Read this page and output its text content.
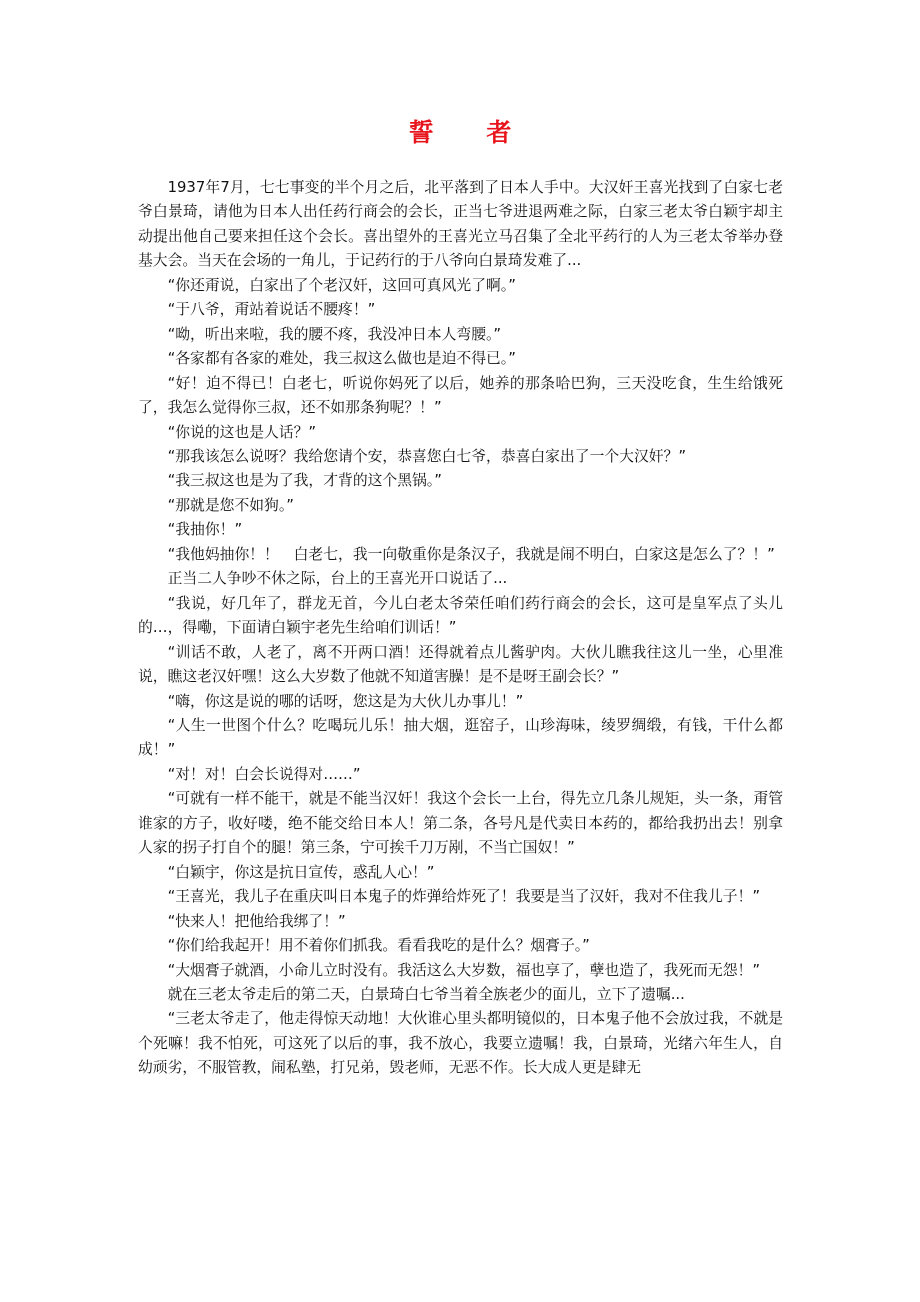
誓 者

1937年7月，七七事变的半个月之后，北平落到了日本人手中。大汉奸王喜光找到了白家七老爷白景琦，请他为日本人出任药行商会的会长，正当七爷进退两难之际，白家三老太爷白颖宇却主动提出他自己要来担任这个会长。喜出望外的王喜光立马召集了全北平药行的人为三老太爷举办登基大会。当天在会场的一角儿，于记药行的于八爷向白景琦发难了...

“你还甭说，白家出了个老汉奸，这回可真风光了啊。”

“于八爷，甭站着说话不腰疼！”

“呦，听出来啦，我的腰不疼，我没冲日本人弯腰。”

“各家都有各家的难处，我三叔这么做也是迫不得已。”

“好！迫不得已！白老七，听说你妈死了以后，她养的那条哈巴狗，三天没吃食，生生给饿死了，我怎么觉得你三叔，还不如那条狗呢？！”

“你说的这也是人话？”

“那我该怎么说呀？我给您请个安，恭喜您白七爷，恭喜白家出了一个大汉奸？”

“我三叔这也是为了我，才背的这个黑锅。”

“那就是您不如狗。”

“我抽你！”

“我他妈抽你！！　白老七，我一向敬重你是条汉子，我就是闹不明白，白家这是怎么了？！”

正当二人争吵不休之际，台上的王喜光开口说话了...

“我说，好几年了，群龙无首，今儿白老太爷荣任咱们药行商会的会长，这可是皇军点了头儿的…，得嘞，下面请白颖宇老先生给咱们训话！”

“训话不敢，人老了，离不开两口酒！还得就着点儿酱驴肉。大伙儿瞧我往这儿一坐，心里准说，瞧这老汉奸嘿！这么大岁数了他就不知道害臊！是不是呀王副会长？”

“嗨，你这是说的哪的话呀，您这是为大伙儿办事儿！”

“人生一世图个什么？吃喝玩儿乐！抽大烟，逛窑子，山珍海味，绫罗绸缎，有钱，干什么都成！”

“对！对！白会长说得对……”

“可就有一样不能干，就是不能当汉奸！我这个会长一上台，得先立几条儿规矩，头一条，甭管谁家的方子，收好喽，绝不能交给日本人！第二条，各号凡是代卖日本药的，都给我扔出去！别拿人家的拐子打自个的腿！第三条，宁可挨千刀万剐，不当亡国奴！”

“白颖宇，你这是抗日宣传，惑乱人心！”

“王喜光，我儿子在重庆叫日本鬼子的炸弹给炸死了！我要是当了汉奸，我对不住我儿子！”

“快来人！把他给我绑了！”

“你们给我起开！用不着你们抓我。看看我吃的是什么？烟膏子。”

“大烟膏子就酒，小命儿立时没有。我活这么大岁数，福也享了，孽也造了，我死而无怨！”

就在三老太爷走后的第二天，白景琦白七爷当着全族老少的面儿，立下了遗嘱...

“三老太爷走了，他走得惊天动地！大伙谁心里头都明镜似的，日本鬼子他不会放过我，不就是个死嘛！我不怕死，可这死了以后的事，我不放心，我要立遗嘱！我，白景琦，光绪六年生人，自幼顽劣，不服管教，闹私塾，打兄弟，毁老师，无恶不作。长大成人更是肆无
